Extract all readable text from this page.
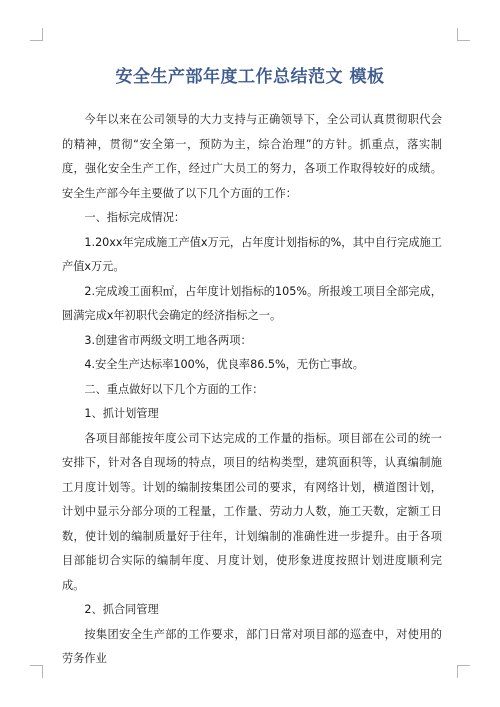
安全生产部年度工作总结范文 模板

今年以来在公司领导的大力支持与正确领导下，全公司认真贯彻职代会的精神，贯彻“安全第一，预防为主，综合治理”的方针。抓重点，落实制度，强化安全生产工作，经过广大员工的努力，各项工作取得较好的成绩。安全生产部今年主要做了以下几个方面的工作：

一、指标完成情况：

1.20xx年完成施工产值x万元，占年度计划指标的%，其中自行完成施工产值x万元。

2.完成竣工面积㎡，占年度计划指标的105%。所报竣工项目全部完成，圆满完成x年初职代会确定的经济指标之一。

3.创建省市两级文明工地各两项：

4.安全生产达标率100%，优良率86.5%，无伤亡事故。

二、重点做好以下几个方面的工作：

1、抓计划管理

各项目部能按年度公司下达完成的工作量的指标。项目部在公司的统一安排下，针对各自现场的特点，项目的结构类型，建筑面积等，认真编制施工月度计划等。计划的编制按集团公司的要求，有网络计划，横道图计划，计划中显示分部分项的工程量，工作量、劳动力人数，施工天数，定额工日数，使计划的编制质量好于往年，计划编制的准确性进一步提升。由于各项目部能切合实际的编制年度、月度计划，使形象进度按照计划进度顺利完成。

2、抓合同管理

按集团安全生产部的工作要求，部门日常对项目部的巡查中，对使用的劳务作业
